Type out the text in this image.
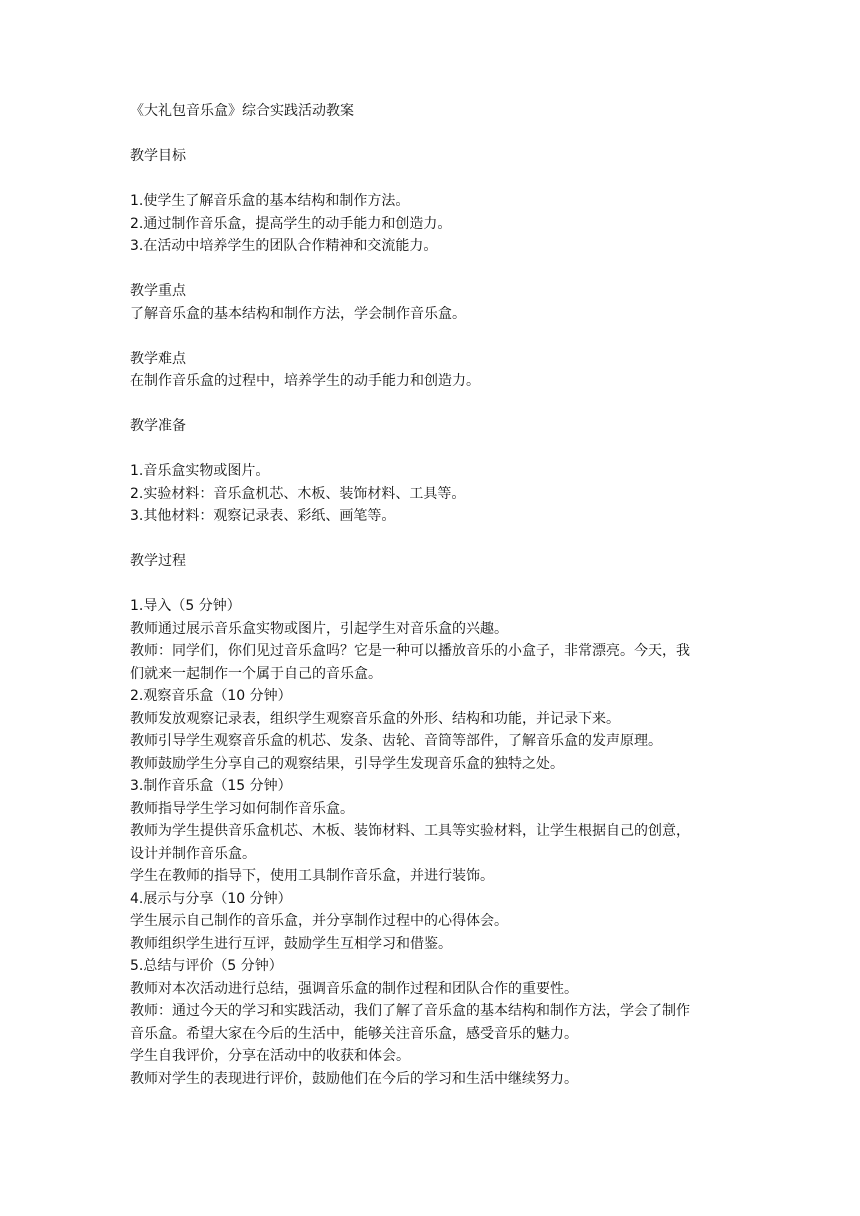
《大礼包音乐盒》综合实践活动教案
教学目标
1.使学生了解音乐盒的基本结构和制作方法。
2.通过制作音乐盒，提高学生的动手能力和创造力。
3.在活动中培养学生的团队合作精神和交流能力。
教学重点
了解音乐盒的基本结构和制作方法，学会制作音乐盒。
教学难点
在制作音乐盒的过程中，培养学生的动手能力和创造力。
教学准备
1.音乐盒实物或图片。
2.实验材料：音乐盒机芯、木板、装饰材料、工具等。
3.其他材料：观察记录表、彩纸、画笔等。
教学过程
1.导入（5 分钟）
教师通过展示音乐盒实物或图片，引起学生对音乐盒的兴趣。
教师：同学们，你们见过音乐盒吗？它是一种可以播放音乐的小盒子，非常漂亮。今天，我
们就来一起制作一个属于自己的音乐盒。
2.观察音乐盒（10 分钟）
教师发放观察记录表，组织学生观察音乐盒的外形、结构和功能，并记录下来。
教师引导学生观察音乐盒的机芯、发条、齿轮、音筒等部件，了解音乐盒的发声原理。
教师鼓励学生分享自己的观察结果，引导学生发现音乐盒的独特之处。
3.制作音乐盒（15 分钟）
教师指导学生学习如何制作音乐盒。
教师为学生提供音乐盒机芯、木板、装饰材料、工具等实验材料，让学生根据自己的创意，
设计并制作音乐盒。
学生在教师的指导下，使用工具制作音乐盒，并进行装饰。
4.展示与分享（10 分钟）
学生展示自己制作的音乐盒，并分享制作过程中的心得体会。
教师组织学生进行互评，鼓励学生互相学习和借鉴。
5.总结与评价（5 分钟）
教师对本次活动进行总结，强调音乐盒的制作过程和团队合作的重要性。
教师：通过今天的学习和实践活动，我们了解了音乐盒的基本结构和制作方法，学会了制作
音乐盒。希望大家在今后的生活中，能够关注音乐盒，感受音乐的魅力。
学生自我评价，分享在活动中的收获和体会。
教师对学生的表现进行评价，鼓励他们在今后的学习和生活中继续努力。
